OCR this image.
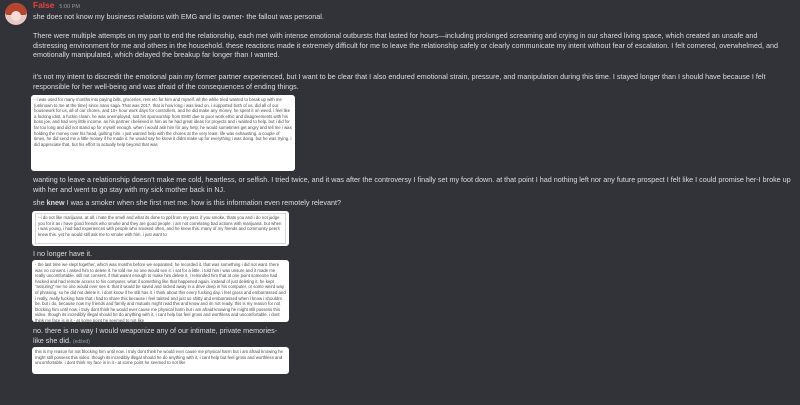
False 5:00 PM
she does not know my business relations with EMG and its owner- the fallout was personal.
There were multiple attempts on my part to end the relationship, each met with intense emotional outbursts that lasted for hours—including prolonged screaming and crying in our shared living space, which created an unsafe and distressing environment for me and others in the household. these reactions made it extremely difficult for me to leave the relationship safely or clearly communicate my intent without fear of escalation. I felt cornered, overwhelmed, and emotionally manipulated, which delayed the breakup far longer than I wanted.
it's not my intent to discredit the emotional pain my former partner experienced, but I want to be clear that I also endured emotional strain, pressure, and manipulation during this time. I stayed longer than I should have because I felt responsible for her well-being and was afraid of the consequences of ending things.
- i was used for many months into paying bills, groceries, rent etc for him and myself. all the while tried wanted to break up with me (unknown to me at the time) since nano saga. That was 2017. that is how long i was lead on. i supported both of us, did all of our housework for us, all of our chores, and 10+ hour work days for controllers, and he did make any money, he spent it on weed. i feel like a fucking idiot, a fuckin clown. he was unemployed, lost his sponsorship from EMG due to poor work ethic and disagreements with his boss joe, and had very little income. as his partner i believed in him as he had great ideas for projects and i wanted to help. but i did for far too long and did not stand up for myself enough. when i would ask him for any help, he would sometimes get angry and tell me i was holding the money over his head, guilting him. i just wanted help with the chores at the very least. life was exhausting. a couple of times, he did send me a little money if he made it. he would say he knew it didnt make up for everything i was doing. but he was trying. i did appreciate that, but his effort to actually help beyond that was
wanting to leave a relationship doesn't make me cold, heartless, or selfish. I tried twice, and it was after the controversy I finally set my foot down. at that point I had nothing left nor any future prospect I felt like I could promise her-I broke up with her and went to go stay with my sick mother back in NJ.
she knew I was a smoker when she first met me. how is this information even remotely relevant?
- i do not like marijuana. at all. i hate the smell and what its done to ppl from my past. if you smoke, thats you and i do not judge you for it as i have good friends who smoke and they are good people. i am not correlating bad actions with marijuana. but when i was young, i had bad experiences with people who smoked often, and he knew this. many of my friends and community peers knew this. yet he would still ask me to smoke with him. i just want to
I no longer have it.
- the last time we slept together, which was months before we separated, he recorded it. that was something i did not want. there was no consent. i asked him to delete it. he told me no one would see it. i sat for a little. i told him i was unsure and it made me really uncomfortable. still not consent. if that wasnt enough to make him delete it, i reminded him that at one point someone had hacked and had remote access to his computer. what if something like that happened again. instead of just deleting it, he kept "assuring" me no one would ever see it. that it would be saved and locked away in a drive deep in his computer, or some weird way of phrasing. so he did not delete it. i dont know if he still has it. i think about this every fucking day. i feel gross and embarrassed and i really, really fucking hate that i had to share this because i feel tainted and just so shitty and embarrassed when i know i shouldnt be. but i do, because now my friends and family and mutuals might read this and know and im not ready. this is my reason for not blocking him until now. i truly dont think he would ever cause me physical harm but i am afraid knowing he might still possess this video. though its incredibly illegal should he do anything with it, i cant help but feel gross and worthless and uncomfortable. i dont think my face is in it - at some point he seemed to not like
no. there is no way I would weaponize any of our intimate, private memories-
like she did. (edited)
this is my reason for not blocking him until now. i truly dont think he would ever cause me physical harm but i am afraid knowing he might still possess this video. though its incredibly illegal should he do anything with it, i cant help but feel gross and worthless and uncomfortable. i dont think my face is in it - at some point he seemed to not like
